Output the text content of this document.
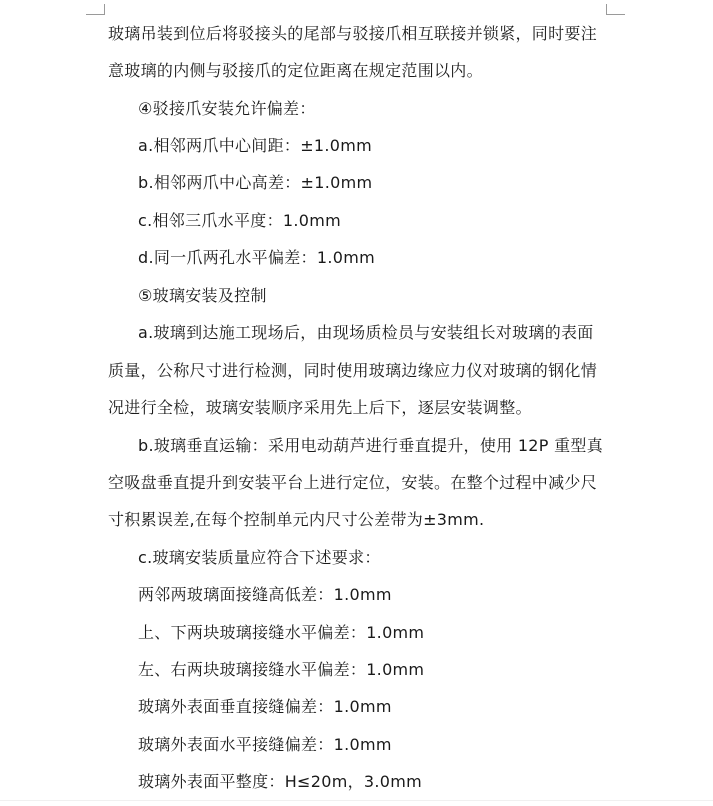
玻璃吊装到位后将驳接头的尾部与驳接爪相互联接并锁紧，同时要注
意玻璃的内侧与驳接爪的定位距离在规定范围以内。
④驳接爪安装允许偏差：
a.相邻两爪中心间距：±1.0mm
b.相邻两爪中心高差：±1.0mm
c.相邻三爪水平度：1.0mm
d.同一爪两孔水平偏差：1.0mm
⑤玻璃安装及控制
a.玻璃到达施工现场后，由现场质检员与安装组长对玻璃的表面
质量，公称尺寸进行检测，同时使用玻璃边缘应力仪对玻璃的钢化情
况进行全检，玻璃安装顺序采用先上后下，逐层安装调整。
b.玻璃垂直运输：采用电动葫芦进行垂直提升，使用 12P 重型真
空吸盘垂直提升到安装平台上进行定位，安装。在整个过程中减少尺
寸积累误差,在每个控制单元内尺寸公差带为±3mm.
c.玻璃安装质量应符合下述要求：
两邻两玻璃面接缝高低差：1.0mm
上、下两块玻璃接缝水平偏差：1.0mm
左、右两块玻璃接缝水平偏差：1.0mm
玻璃外表面垂直接缝偏差：1.0mm
玻璃外表面水平接缝偏差：1.0mm
玻璃外表面平整度：H≤20m，3.0mm
